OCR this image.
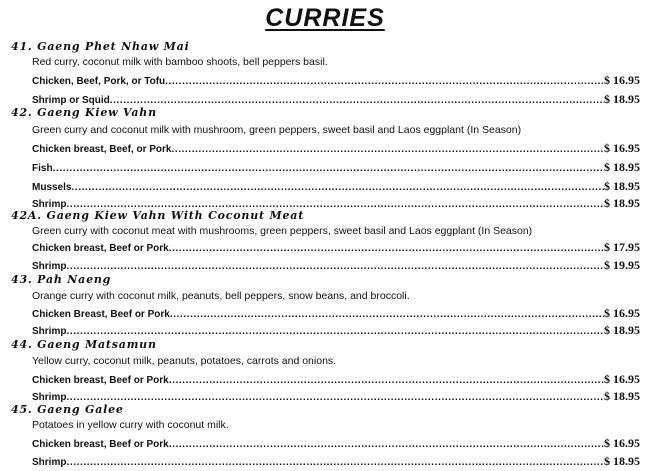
CURRIES
41. Gaeng Phet Nhaw Mai
Red curry, coconut milk with bamboo shoots, bell peppers basil.
Chicken, Beef, Pork, or Tofu .....	$ 16.95
Shrimp or Squid .....	$ 18.95
42. Gaeng Kiew Vahn
Green curry and coconut milk with mushroom, green peppers, sweet basil and Laos eggplant (In Season)
Chicken breast, Beef, or Pork .....	$ 16.95
Fish .....	$ 18.95
Mussels .....	$ 18.95
Shrimp .....	$ 18.95
42A. Gaeng Kiew Vahn With Coconut Meat
Green curry with coconut meat with mushrooms, green peppers, sweet basil and Laos eggplant (In Season)
Chicken breast, Beef or Pork .....	$ 17.95
Shrimp .....	$ 19.95
43. Pah Naeng
Orange curry with coconut milk, peanuts, bell peppers, snow beans, and broccoli.
Chicken Breast, Beef or Pork .....	$ 16.95
Shrimp .....	$ 18.95
44. Gaeng Matsamun
Yellow curry, coconut milk, peanuts, potatoes, carrots and onions.
Chicken breast, Beef or Pork .....	$ 16.95
Shrimp .....	$ 18.95
45. Gaeng Galee
Potatoes in yellow curry with coconut milk.
Chicken breast, Beef or Pork .....	$ 16.95
Shrimp .....	$ 18.95
